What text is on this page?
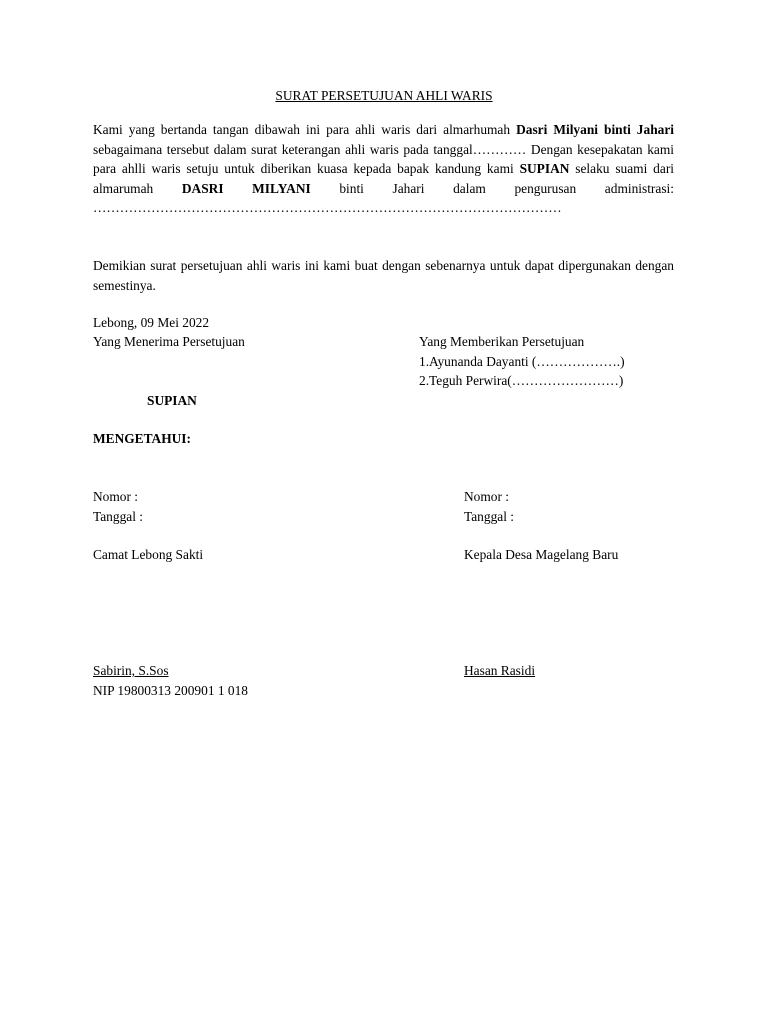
SURAT PERSETUJUAN AHLI WARIS
Kami yang bertanda tangan dibawah ini para ahli waris dari almarhumah Dasri Milyani binti Jahari sebagaimana tersebut dalam surat keterangan ahli waris pada tanggal………… Dengan kesepakatan kami para ahlli waris setuju untuk diberikan kuasa kepada bapak kandung kami SUPIAN selaku suami dari almarumah DASRI MILYANI binti Jahari dalam pengurusan administrasi: ……………………………………………………………………………………………
Demikian surat persetujuan ahli waris ini kami buat dengan sebenarnya untuk dapat dipergunakan dengan semestinya.
Lebong, 09 Mei 2022
Yang Menerima Persetujuan	Yang Memberikan Persetujuan
1.Ayunanda Dayanti (……………….)
2.Teguh Perwira(……………………)
SUPIAN
MENGETAHUI:
Nomor :
Tanggal :
Camat Lebong Sakti
Sabirin, S.Sos
NIP 19800313 200901 1 018
Nomor :
Tanggal :
Kepala Desa Magelang Baru
Hasan Rasidi
